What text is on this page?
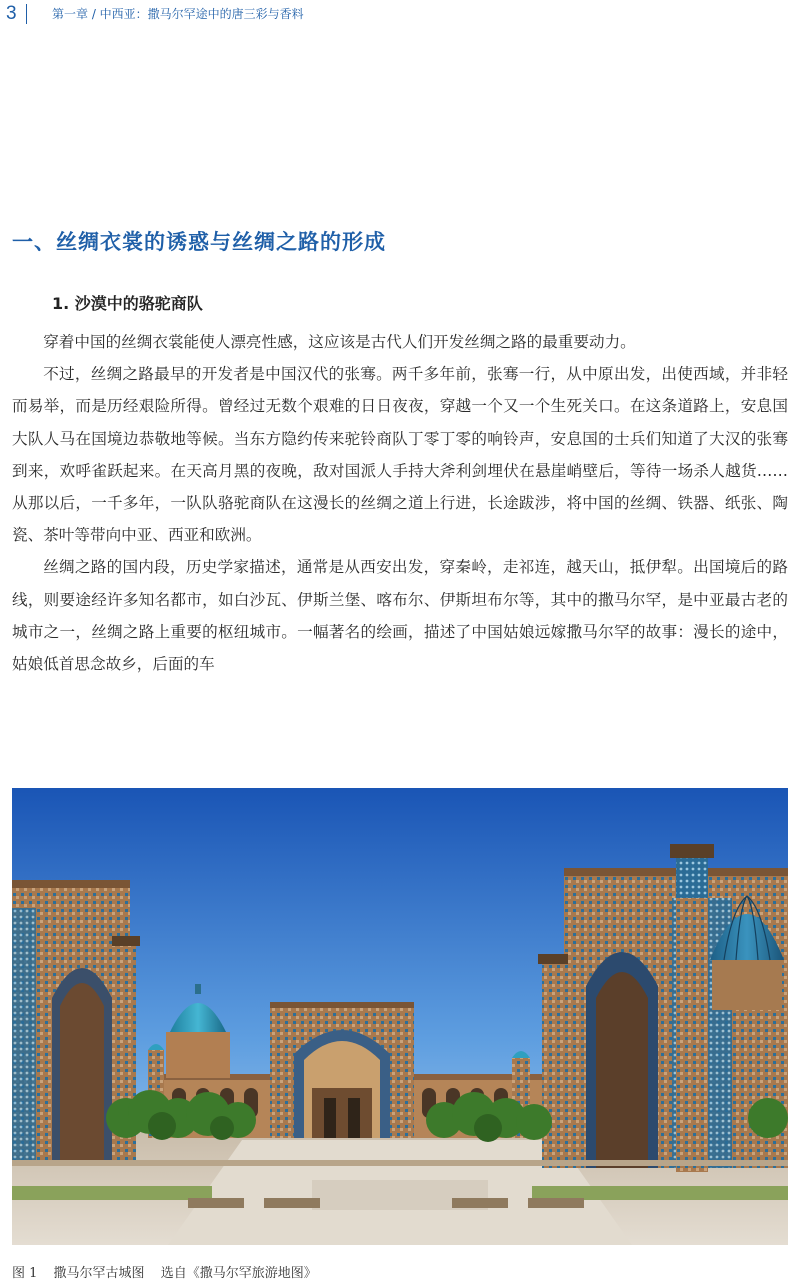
3	第一章 / 中西亚：撒马尔罕途中的唐三彩与香料
一、丝绸衣裳的诱惑与丝绸之路的形成
1. 沙漠中的骆驼商队

穿着中国的丝绸衣裳能使人漂亮性感，这应该是古代人们开发丝绸之路的最重要动力。

不过，丝绸之路最早的开发者是中国汉代的张骞。两千多年前，张骞一行，从中原出发，出使西域，并非轻而易举，而是历经艰险所得。曾经过无数个艰难的日日夜夜，穿越一个又一个生死关口。在这条道路上，安息国大队人马在国境边恭敬地等候。当东方隐约传来驼铃商队丁零丁零的响铃声，安息国的士兵们知道了大汉的张骞到来，欢呼雀跃起来。在天高月黑的夜晚，敌对国派人手持大斧利剑埋伏在悬崖峭壁后，等待一场杀人越货……从那以后，一千多年，一队队骆驼商队在这漫长的丝绸之道上行进，长途跋涉，将中国的丝绸、铁器、纸张、陶瓷、茶叶等带向中亚、西亚和欧洲。

丝绸之路的国内段，历史学家描述，通常是从西安出发，穿秦岭，走祁连，越天山，抵伊犁。出国境后的路线，则要途经许多知名都市，如白沙瓦、伊斯兰堡、喀布尔、伊斯坦布尔等，其中的撒马尔罕，是中亚最古老的城市之一，丝绸之路上重要的枢纽城市。一幅著名的绘画，描述了中国姑娘远嫁撒马尔罕的故事：漫长的途中，姑娘低首思念故乡，后面的车

图 1 撒马尔罕古城图 选自《撒马尔罕旅游地图》
